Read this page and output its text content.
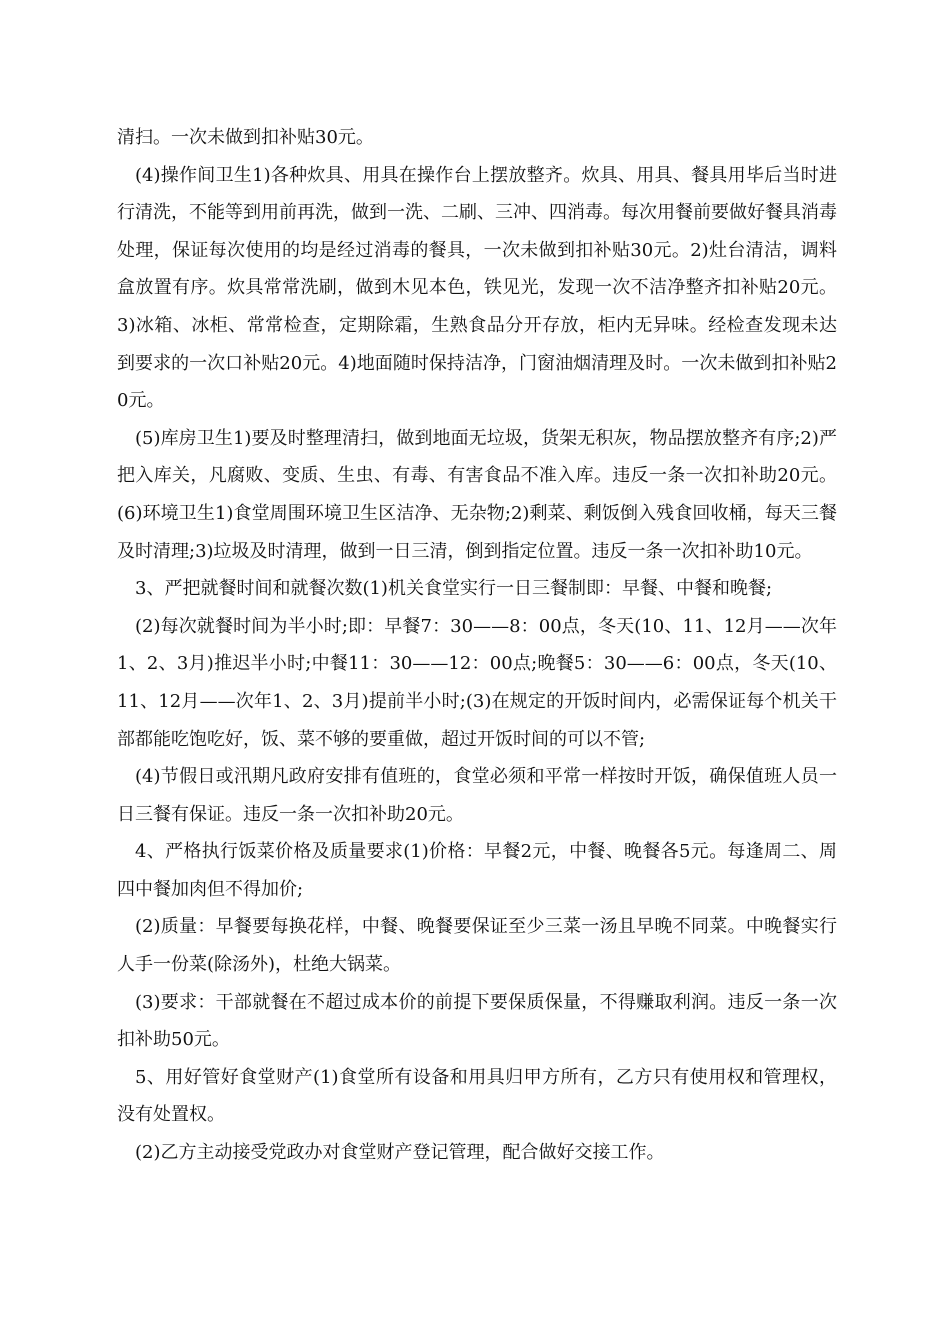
清扫。一次未做到扣补贴30元。

(4)操作间卫生1)各种炊具、用具在操作台上摆放整齐。炊具、用具、餐具用毕后当时进行清洗，不能等到用前再洗，做到一洗、二刷、三冲、四消毒。每次用餐前要做好餐具消毒处理，保证每次使用的均是经过消毒的餐具，一次未做到扣补贴30元。2)灶台清洁，调料盒放置有序。炊具常常洗刷，做到木见本色，铁见光，发现一次不洁净整齐扣补贴20元。3)冰箱、冰柜、常常检查，定期除霜，生熟食品分开存放，柜内无异味。经检查发现未达到要求的一次口补贴20元。4)地面随时保持洁净，门窗油烟清理及时。一次未做到扣补贴20元。

(5)库房卫生1)要及时整理清扫，做到地面无垃圾，货架无积灰，物品摆放整齐有序;2)严把入库关，凡腐败、变质、生虫、有毒、有害食品不准入库。违反一条一次扣补助20元。(6)环境卫生1)食堂周围环境卫生区洁净、无杂物;2)剩菜、剩饭倒入残食回收桶，每天三餐及时清理;3)垃圾及时清理，做到一日三清，倒到指定位置。违反一条一次扣补助10元。

3、严把就餐时间和就餐次数(1)机关食堂实行一日三餐制即：早餐、中餐和晚餐;

(2)每次就餐时间为半小时;即：早餐7：30——8：00点，冬天(10、11、12月——次年1、2、3月)推迟半小时;中餐11：30——12：00点;晚餐5：30——6：00点，冬天(10、11、12月——次年1、2、3月)提前半小时;(3)在规定的开饭时间内，必需保证每个机关干部都能吃饱吃好，饭、菜不够的要重做，超过开饭时间的可以不管;

(4)节假日或汛期凡政府安排有值班的，食堂必须和平常一样按时开饭，确保值班人员一日三餐有保证。违反一条一次扣补助20元。

4、严格执行饭菜价格及质量要求(1)价格：早餐2元，中餐、晚餐各5元。每逢周二、周四中餐加肉但不得加价;

(2)质量：早餐要每换花样，中餐、晚餐要保证至少三菜一汤且早晚不同菜。中晚餐实行人手一份菜(除汤外)，杜绝大锅菜。

(3)要求：干部就餐在不超过成本价的前提下要保质保量，不得赚取利润。违反一条一次扣补助50元。

5、用好管好食堂财产(1)食堂所有设备和用具归甲方所有，乙方只有使用权和管理权，没有处置权。

(2)乙方主动接受党政办对食堂财产登记管理，配合做好交接工作。
